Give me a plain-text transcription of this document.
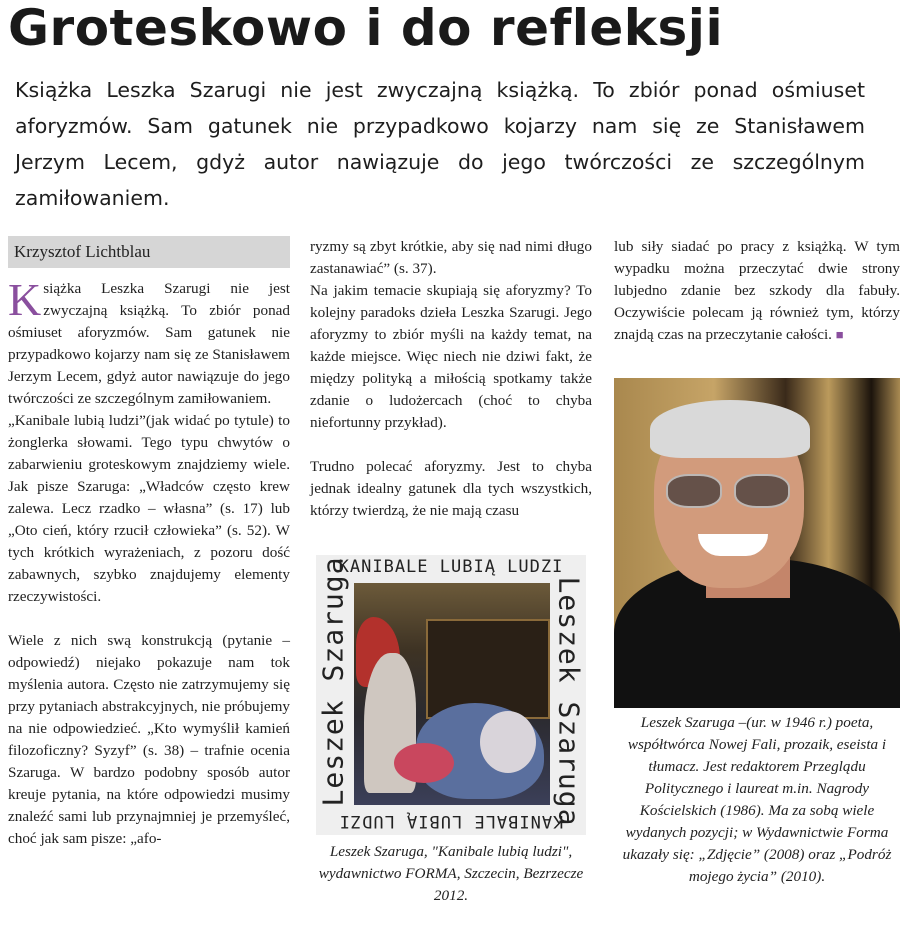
Groteskowo i do refleksji

Książka Leszka Szarugi nie jest zwyczajną książką. To zbiór ponad ośmiuset aforyzmów. Sam gatunek nie przypadkowo kojarzy nam się ze Stanisławem Jerzym Lecem, gdyż autor nawiązuje do jego twórczości ze szczególnym zamiłowaniem.

Krzysztof Lichtblau

Książka Leszka Szarugi nie jest zwyczajną książką. To zbiór ponad ośmiuset aforyzmów. Sam gatunek nie przypadkowo kojarzy nam się ze Stanisławem Jerzym Lecem, gdyż autor nawiązuje do jego twórczości ze szczególnym zamiłowaniem.

„Kanibale lubią ludzi”(jak widać po tytule) to żonglerka słowami. Tego typu chwytów o zabarwieniu groteskowym znajdziemy wiele. Jak pisze Szaruga: „Władców często krew zalewa. Lecz rzadko – własna” (s. 17) lub „Oto cień, który rzucił człowieka” (s. 52). W tych krótkich wyrażeniach, z pozoru dość zabawnych, szybko znajdujemy elementy rzeczywistości.

Wiele z nich swą konstrukcją (pytanie – odpowiedź) niejako pokazuje nam tok myślenia autora. Często nie zatrzymujemy się przy pytaniach abstrakcyjnych, nie próbujemy na nie odpowiedzieć. „Kto wymyślił kamień filozoficzny? Syzyf” (s. 38) – trafnie ocenia Szaruga. W bardzo podobny sposób autor kreuje pytania, na które odpowiedzi musimy znaleźć sami lub przynajmniej je przemyśleć, choć jak sam pisze: „afo-

ryzmy są zbyt krótkie, aby się nad nimi długo zastanawiać” (s. 37).

Na jakim temacie skupiają się aforyzmy? To kolejny paradoks dzieła Leszka Szarugi. Jego aforyzmy to zbiór myśli na każdy temat, na każde miejsce. Więc niech nie dziwi fakt, że między polityką a miłością spotkamy także zdanie o ludożercach (choć to chyba niefortunny przykład).

Trudno polecać aforyzmy. Jest to chyba jednak idealny gatunek dla tych wszystkich, którzy twierdzą, że nie mają czasu

lub siły siadać po pracy z książką. W tym wypadku można przeczytać dwie strony lubjedno zdanie bez szkody dla fabuły. Oczywiście polecam ją również tym, którzy znajdą czas na przeczytanie całości. ■

KANIBALE LUBIĄ LUDZI
KANIBALE LUBIĄ LUDZI
Leszek Szaruga	Leszek Szaruga
Leszek Szaruga, "Kanibale lubią ludzi", wydawnictwo FORMA, Szczecin, Bezrzecze 2012.
Leszek Szaruga –(ur. w 1946 r.) poeta, współtwórca Nowej Fali, prozaik, eseista i tłumacz. Jest redaktorem Przeglądu Politycznego i laureat m.in. Nagrody Kościelskich (1986). Ma za sobą wiele wydanych pozycji; w Wydawnictwie Forma ukazały się: „Zdjęcie” (2008) oraz „Podróż mojego życia” (2010).
